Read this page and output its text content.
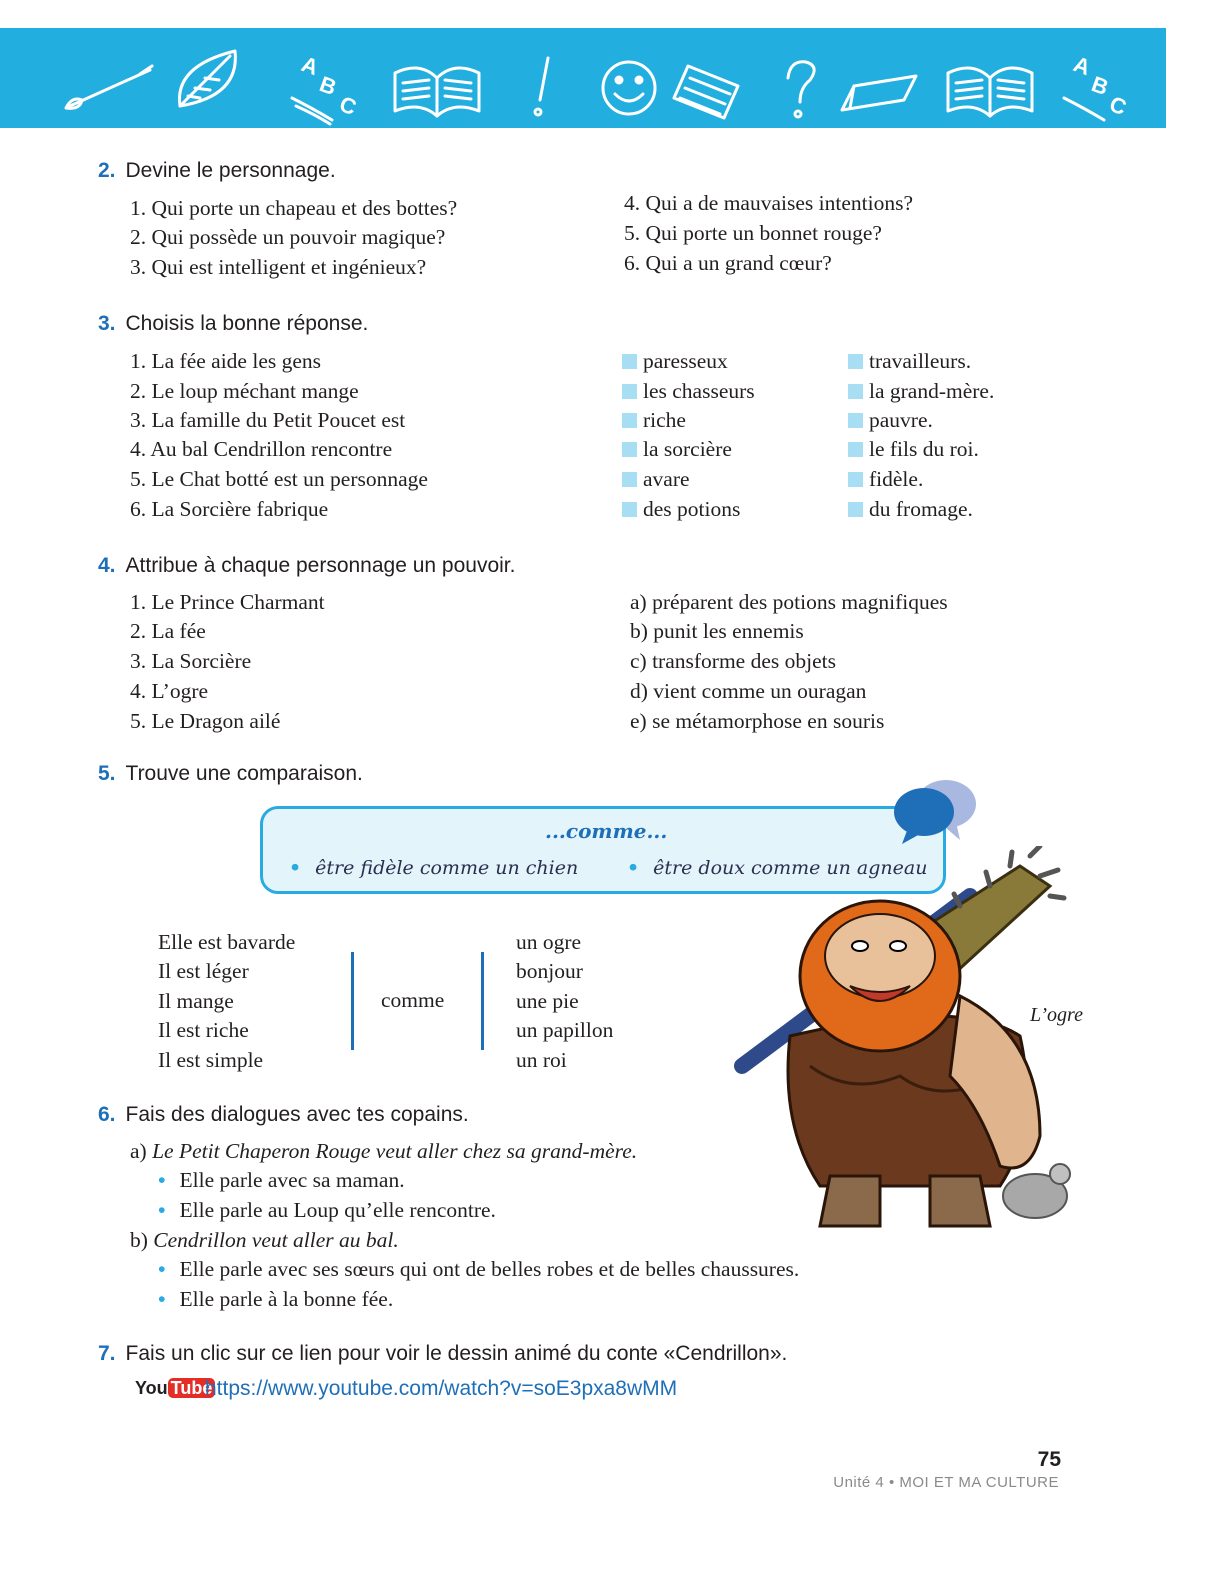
A
B
C
A
B
C
2. Devine le personnage.
1. Qui porte un chapeau et des bottes?
2. Qui possède un pouvoir magique?
3. Qui est intelligent et ingénieux?
4. Qui a de mauvaises intentions?
5. Qui porte un bonnet rouge?
6. Qui a un grand cœur?
3. Choisis la bonne réponse.
1. La fée aide les gens	paresseux	travailleurs.
2. Le loup méchant mange	les chasseurs	la grand-mère.
3. La famille du Petit Poucet est	riche	pauvre.
4. Au bal Cendrillon rencontre	la sorcière	le fils du roi.
5. Le Chat botté est un personnage	avare	fidèle.
6. La Sorcière fabrique	des potions	du fromage.
4. Attribue à chaque personnage un pouvoir.
1. Le Prince Charmant
2. La fée
3. La Sorcière
4. L’ogre
5. Le Dragon ailé
a) préparent des potions magnifiques
b) punit les ennemis
c) transforme des objets
d) vient comme un ouragan
e) se métamorphose en souris
5. Trouve une comparaison.
...comme...
• être fidèle comme un chien	• être doux comme un agneau
Elle est bavarde
Il est léger
Il mange
Il est riche
Il est simple
comme
un ogre
bonjour
une pie
un papillon
un roi
L’ogre
6. Fais des dialogues avec tes copains.
a) Le Petit Chaperon Rouge veut aller chez sa grand-mère.
• Elle parle avec sa maman.
• Elle parle au Loup qu’elle rencontre.
b) Cendrillon veut aller au bal.
• Elle parle avec ses sœurs qui ont de belles robes et de belles chaussures.
• Elle parle à la bonne fée.
7. Fais un clic sur ce lien pour voir le dessin animé du conte «Cendrillon».
You Tube
https://www.youtube.com/watch?v=soE3pxa8wMM
75
Unité 4 • MOI ET MA CULTURE
